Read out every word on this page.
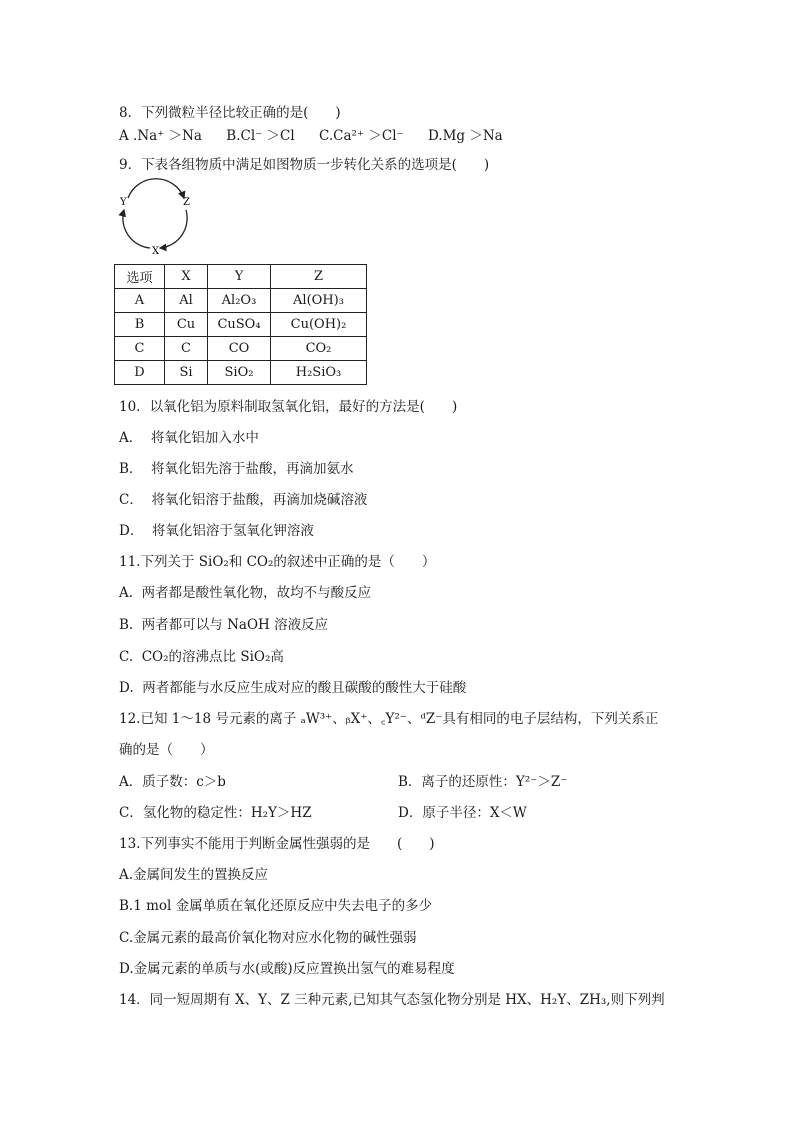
8．下列微粒半径比较正确的是(　　)
A .Na⁺ ＞Na B.Cl⁻ ＞Cl C.Ca²⁺ ＞Cl⁻ D.Mg ＞Na
9．下表各组物质中满足如图物质一步转化关系的选项是(　　)
Y	Z
X
选项	X	Y	Z
A	Al	Al₂O₃	Al(OH)₃
B	Cu	CuSO₄	Cu(OH)₂
C	C	CO	CO₂
D	Si	SiO₂	H₂SiO₃
10．以氧化铝为原料制取氢氧化铝，最好的方法是(　　)
A．  将氧化铝加入水中
B．  将氧化铝先溶于盐酸，再滴加氨水
C．  将氧化铝溶于盐酸，再滴加烧碱溶液
D．  将氧化铝溶于氢氧化钾溶液
11.下列关于 SiO₂和 CO₂的叙述中正确的是（　　）
A.  两者都是酸性氧化物，故均不与酸反应
B.  两者都可以与 NaOH 溶液反应
C.  CO₂的溶沸点比 SiO₂高
D.  两者都能与水反应生成对应的酸且碳酸的酸性大于硅酸
12.已知 1～18 号元素的离子 ₐW³⁺、ᵦX⁺、꜀Y²⁻、ᵈZ⁻具有相同的电子层结构，下列关系正
确的是（　　）
A．质子数：c＞b	B．离子的还原性：Y²⁻＞Z⁻
C．氢化物的稳定性：H₂Y＞HZ	D．原子半径：X＜W
13.下列事实不能用于判断金属性强弱的是　　(　　)
A.金属间发生的置换反应
B.1 mol 金属单质在氧化还原反应中失去电子的多少
C.金属元素的最高价氧化物对应水化物的碱性强弱
D.金属元素的单质与水(或酸)反应置换出氢气的难易程度
14．同一短周期有 X、Y、Z 三种元素,已知其气态氢化物分别是 HX、H₂Y、ZH₃,则下列判
